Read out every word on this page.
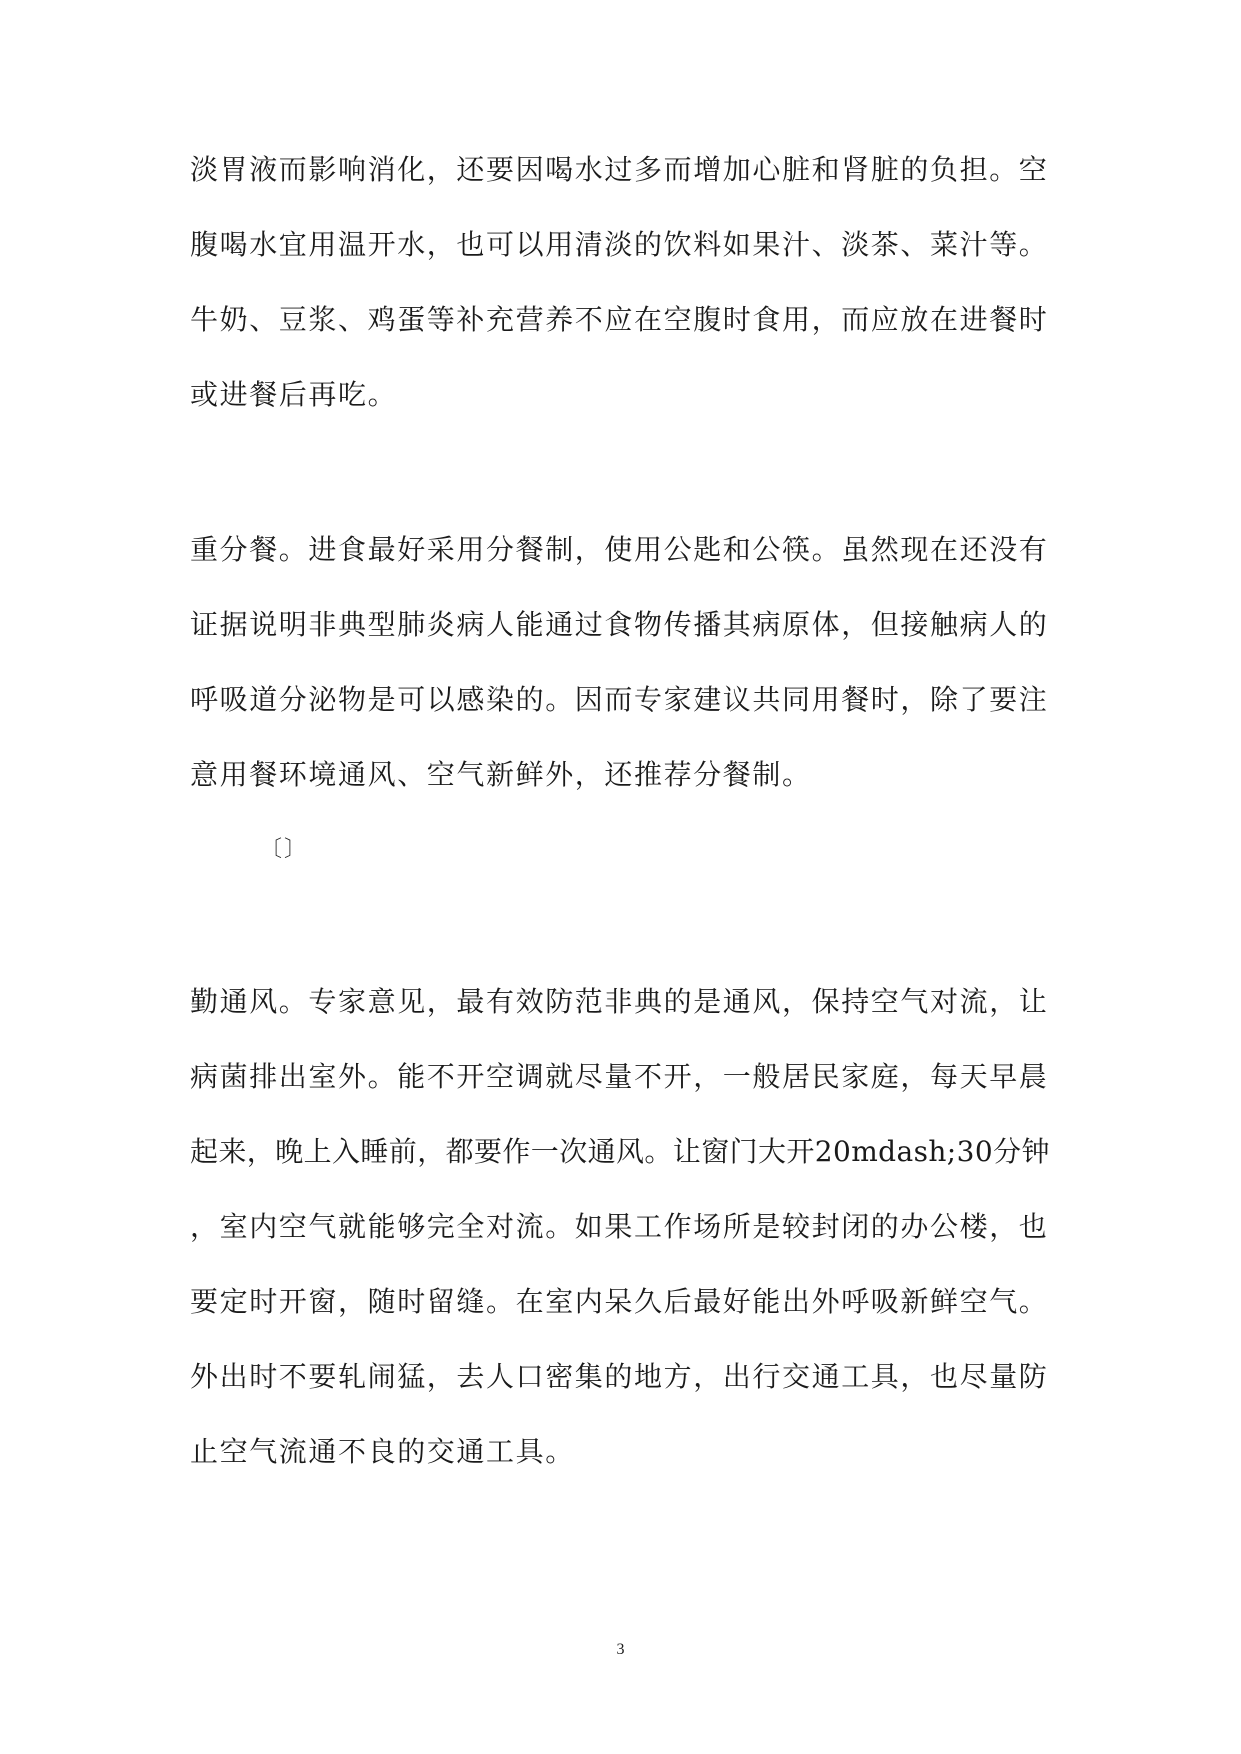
淡胃液而影响消化，还要因喝水过多而增加心脏和肾脏的负担。空
腹喝水宜用温开水，也可以用清淡的饮料如果汁、淡茶、菜汁等。
牛奶、豆浆、鸡蛋等补充营养不应在空腹时食用，而应放在进餐时
或进餐后再吃。
重分餐。进食最好采用分餐制，使用公匙和公筷。虽然现在还没有
证据说明非典型肺炎病人能通过食物传播其病原体，但接触病人的
呼吸道分泌物是可以感染的。因而专家建议共同用餐时，除了要注
意用餐环境通风、空气新鲜外，还推荐分餐制。
〔〕
勤通风。专家意见，最有效防范非典的是通风，保持空气对流，让
病菌排出室外。能不开空调就尽量不开，一般居民家庭，每天早晨
起来，晚上入睡前，都要作一次通风。让窗门大开20mdash;30分钟
，室内空气就能够完全对流。如果工作场所是较封闭的办公楼，也
要定时开窗，随时留缝。在室内呆久后最好能出外呼吸新鲜空气。
外出时不要轧闹猛，去人口密集的地方，出行交通工具，也尽量防
止空气流通不良的交通工具。
3
